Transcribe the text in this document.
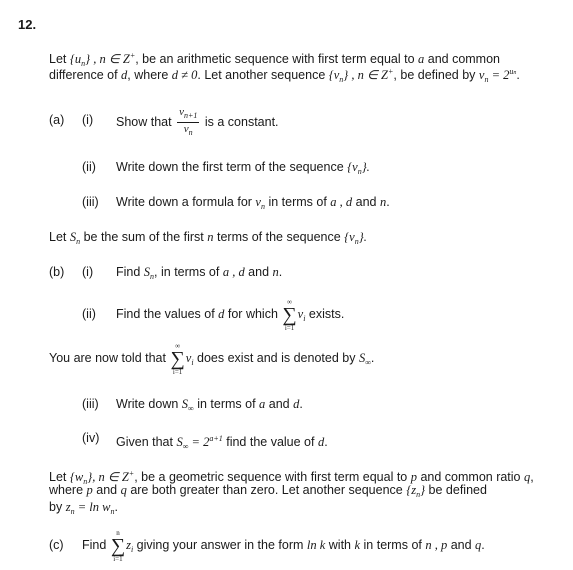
12.
Let $\{u_n\}$ , n ∈ Z+, be an arithmetic sequence with first term equal to a and common
difference of d, where d ≠ 0. Let another sequence $\{v_n\}$ , n ∈ Z+, be defined by $v_n = 2^{un}$.
(a) (i) Show that $\frac{v_{n+1}}{v_n}$ is a constant.
(ii) Write down the first term of the sequence $\{v_n\}$.
(iii) Write down a formula for $v_n$ in terms of a , d and n.
Let $S_n$ be the sum of the first n terms of the sequence $\{v_n\}$.
(b) (i) Find $S_n$, in terms of a , d and n.
(ii) Find the values of d for which
∞
∑
i=1
$v_i$ exists.
You are now told that
∞
∑
i=1
$v_i$ does exist and is denoted by $S_\infty$.
(iii) Write down $S_\infty$ in terms of a and d.
(iv) Given that $S_\infty = 2^{a+1}$ find the value of d.
Let $\{w_n\}$, n ∈ Z+, be a geometric sequence with first term equal to p and common ratio q,
where p and q are both greater than zero. Let another sequence $\{z_n\}$ be defined
by $z_n = \ln w_n$.
(c) Find
n
∑
i=1
$z_i$ giving your answer in the form ln k with k in terms of n , p and q.
